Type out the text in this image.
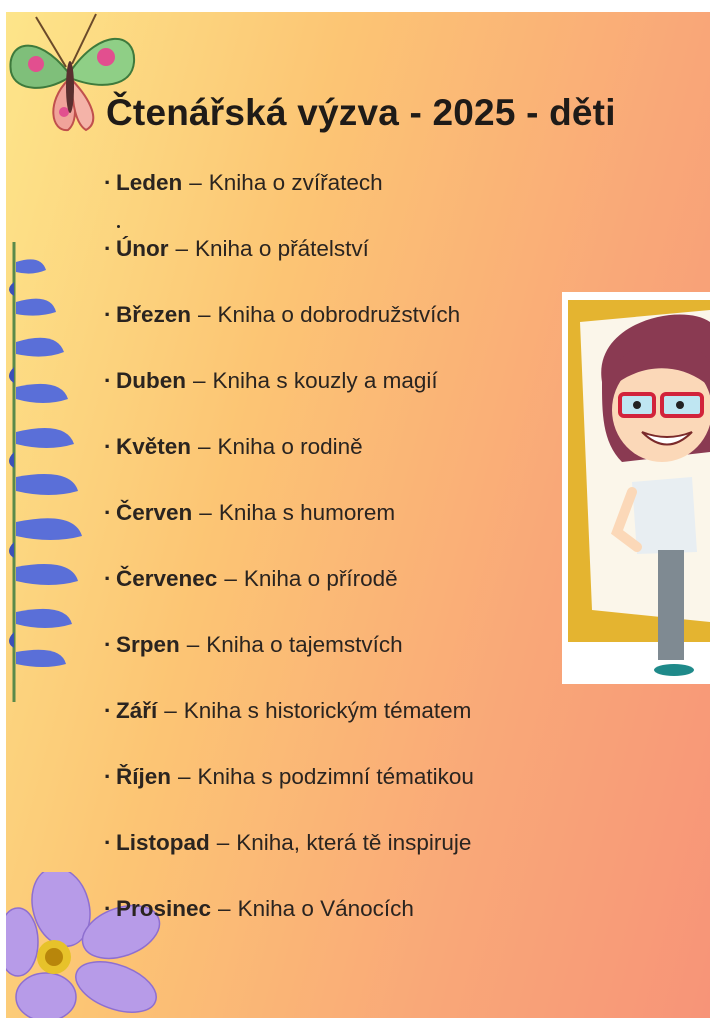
Čtenářská výzva - 2025 - děti
· Leden – Kniha o zvířatech
· Únor – Kniha o přátelství
· Březen – Kniha o dobrodružstvích
· Duben – Kniha s kouzly a magií
· Květen – Kniha o rodině
· Červen – Kniha s humorem
· Červenec – Kniha o přírodě
· Srpen – Kniha o tajemstvích
· Září – Kniha s historickým tématem
· Říjen – Kniha s podzimní tématikou
· Listopad – Kniha, která tě inspiruje
· Prosinec – Kniha o Vánocích
